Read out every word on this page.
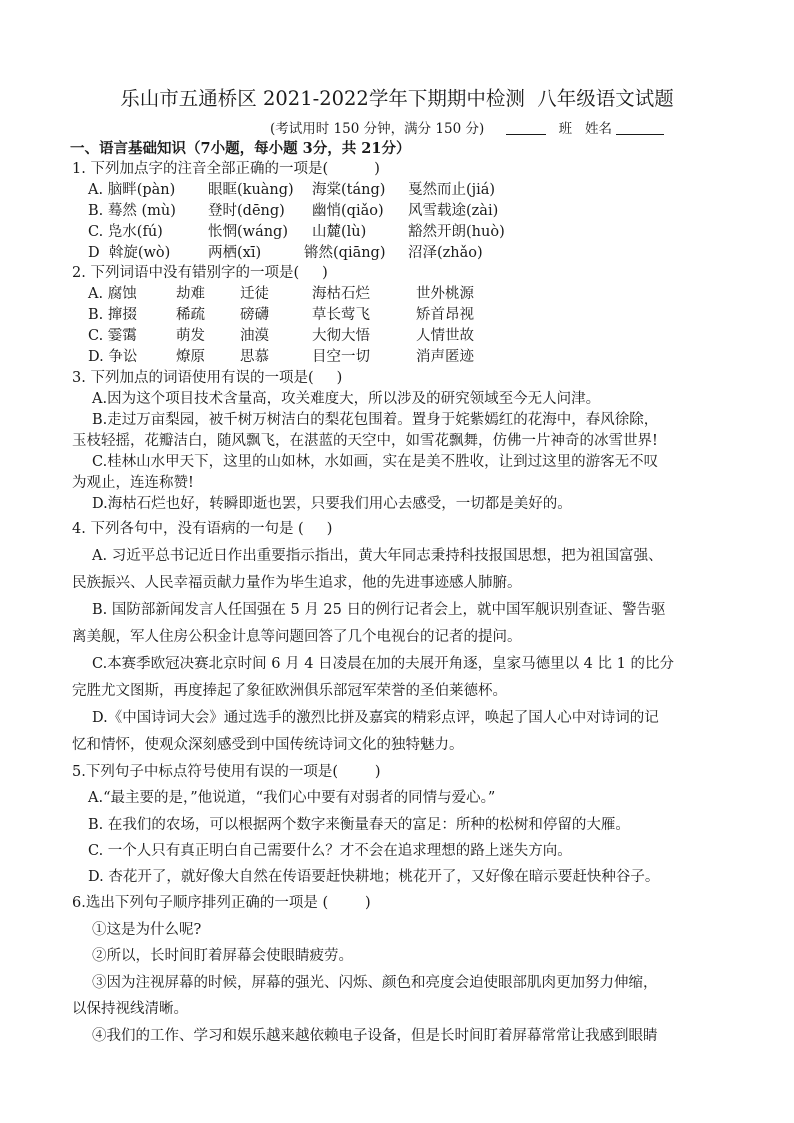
乐山市五通桥区 2021-2022学年下期期中检测  八年级语文试题
(考试用时 150 分钟，满分 150 分)	班 姓名
一、语言基础知识（7小题，每小题 3分，共 21分）
1. 下列加点字的注音全部正确的一项是(          )
A. 脑畔(pàn) 眼眶(kuàng) 海棠(táng) 戛然而止(jiá)
B. 蓦然 (mù) 登时(dēng) 幽悄(qiǎo) 风雪载途(zài)
C. 凫水(fú)	怅惘(wáng) 山麓(lù)	豁然开朗(huò)
D  斡旋(wò)	两栖(xī)	锵然(qiāng) 沼泽(zhǎo)
2. 下列词语中没有错别字的一项是(     )
A. 腐蚀	劫难 迁徒	海枯石烂	世外桃源
B. 撺掇	稀疏 磅礴	草长莺飞	矫首昂视
C. 霎霭	萌发 油漠	大彻大悟	人情世故
D. 争讼	燎原 思慕	目空一切	消声匿迹
3. 下列加点的词语使用有误的一项是(     )
A.因为这个项目技术含量高，攻关难度大，所以涉及的研究领域至今无人问津。
B.走过万亩梨园，被千树万树洁白的梨花包围着。置身于姹紫嫣红的花海中，春风徐除，
玉枝轻摇，花瓣洁白，随风飘飞，在湛蓝的天空中，如雪花飘舞，仿佛一片神奇的冰雪世界!
C.桂林山水甲天下，这里的山如林，水如画，实在是美不胜收，让到过这里的游客无不叹
为观止，连连称赞!
D.海枯石烂也好，转瞬即逝也罢，只要我们用心去感受，一切都是美好的。
4. 下列各句中，没有语病的一句是 (     )
A. 习近平总书记近日作出重要指示指出，黄大年同志秉持科技报国思想，把为祖国富强、
民族振兴、人民幸福贡献力量作为毕生追求，他的先进事迹感人肺腑。
B. 国防部新闻发言人任国强在 5 月 25 日的例行记者会上，就中国军舰识别查证、警告驱
离美舰，军人住房公积金计息等问题回答了几个电视台的记者的提问。
C.本赛季欧冠决赛北京时间 6 月 4 日凌晨在加的夫展开角逐，皇家马德里以 4 比 1 的比分
完胜尤文图斯，再度捧起了象征欧洲俱乐部冠军荣誉的圣伯莱德杯。
D.《中国诗词大会》通过选手的激烈比拼及嘉宾的精彩点评，唤起了国人心中对诗词的记
忆和情怀，使观众深刻感受到中国传统诗词文化的独特魅力。
5.下列句子中标点符号使用有误的一项是(        )
A.“最主要的是，”他说道，“我们心中要有对弱者的同情与爱心。”
B. 在我们的农场，可以根据两个数字来衡量春天的富足：所种的松树和停留的大雁。
C. 一个人只有真正明白自己需要什么？才不会在追求理想的路上迷失方向。
D. 杏花开了，就好像大自然在传语要赶快耕地；桃花开了，又好像在暗示要赶快种谷子。
6.选出下列句子顺序排列正确的一项是 (        )
①这是为什么呢?
②所以，长时间盯着屏幕会使眼睛疲劳。
③因为注视屏幕的时候，屏幕的强光、闪烁、颜色和亮度会迫使眼部肌肉更加努力伸缩，
以保持视线清晰。
④我们的工作、学习和娱乐越来越依赖电子设备，但是长时间盯着屏幕常常让我感到眼睛
